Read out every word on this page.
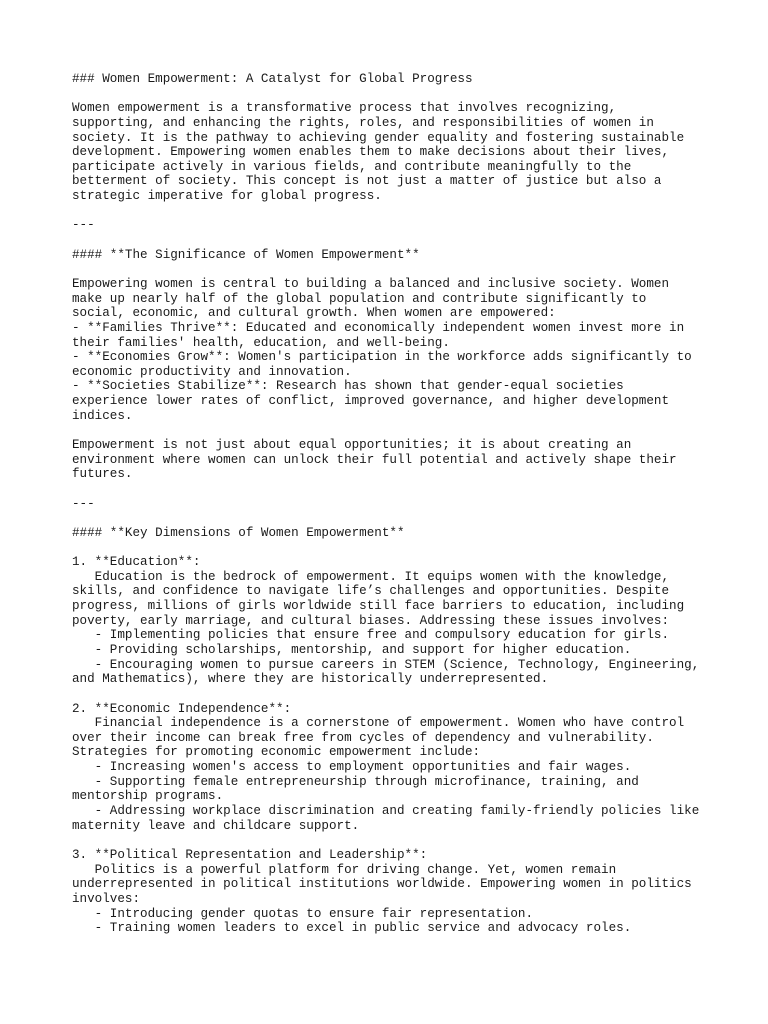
### Women Empowerment: A Catalyst for Global Progress
Women empowerment is a transformative process that involves recognizing,
supporting, and enhancing the rights, roles, and responsibilities of women in
society. It is the pathway to achieving gender equality and fostering sustainable
development. Empowering women enables them to make decisions about their lives,
participate actively in various fields, and contribute meaningfully to the
betterment of society. This concept is not just a matter of justice but also a
strategic imperative for global progress.
---
#### **The Significance of Women Empowerment**
Empowering women is central to building a balanced and inclusive society. Women
make up nearly half of the global population and contribute significantly to
social, economic, and cultural growth. When women are empowered:
- **Families Thrive**: Educated and economically independent women invest more in
their families' health, education, and well-being.
- **Economies Grow**: Women's participation in the workforce adds significantly to
economic productivity and innovation.
- **Societies Stabilize**: Research has shown that gender-equal societies
experience lower rates of conflict, improved governance, and higher development
indices.
Empowerment is not just about equal opportunities; it is about creating an
environment where women can unlock their full potential and actively shape their
futures.
---
#### **Key Dimensions of Women Empowerment**
1. **Education**:
Education is the bedrock of empowerment. It equips women with the knowledge,
skills, and confidence to navigate life’s challenges and opportunities. Despite
progress, millions of girls worldwide still face barriers to education, including
poverty, early marriage, and cultural biases. Addressing these issues involves:
- Implementing policies that ensure free and compulsory education for girls.
- Providing scholarships, mentorship, and support for higher education.
- Encouraging women to pursue careers in STEM (Science, Technology, Engineering,
and Mathematics), where they are historically underrepresented.
2. **Economic Independence**:
Financial independence is a cornerstone of empowerment. Women who have control
over their income can break free from cycles of dependency and vulnerability.
Strategies for promoting economic empowerment include:
- Increasing women's access to employment opportunities and fair wages.
- Supporting female entrepreneurship through microfinance, training, and
mentorship programs.
- Addressing workplace discrimination and creating family-friendly policies like
maternity leave and childcare support.
3. **Political Representation and Leadership**:
Politics is a powerful platform for driving change. Yet, women remain
underrepresented in political institutions worldwide. Empowering women in politics
involves:
- Introducing gender quotas to ensure fair representation.
- Training women leaders to excel in public service and advocacy roles.
